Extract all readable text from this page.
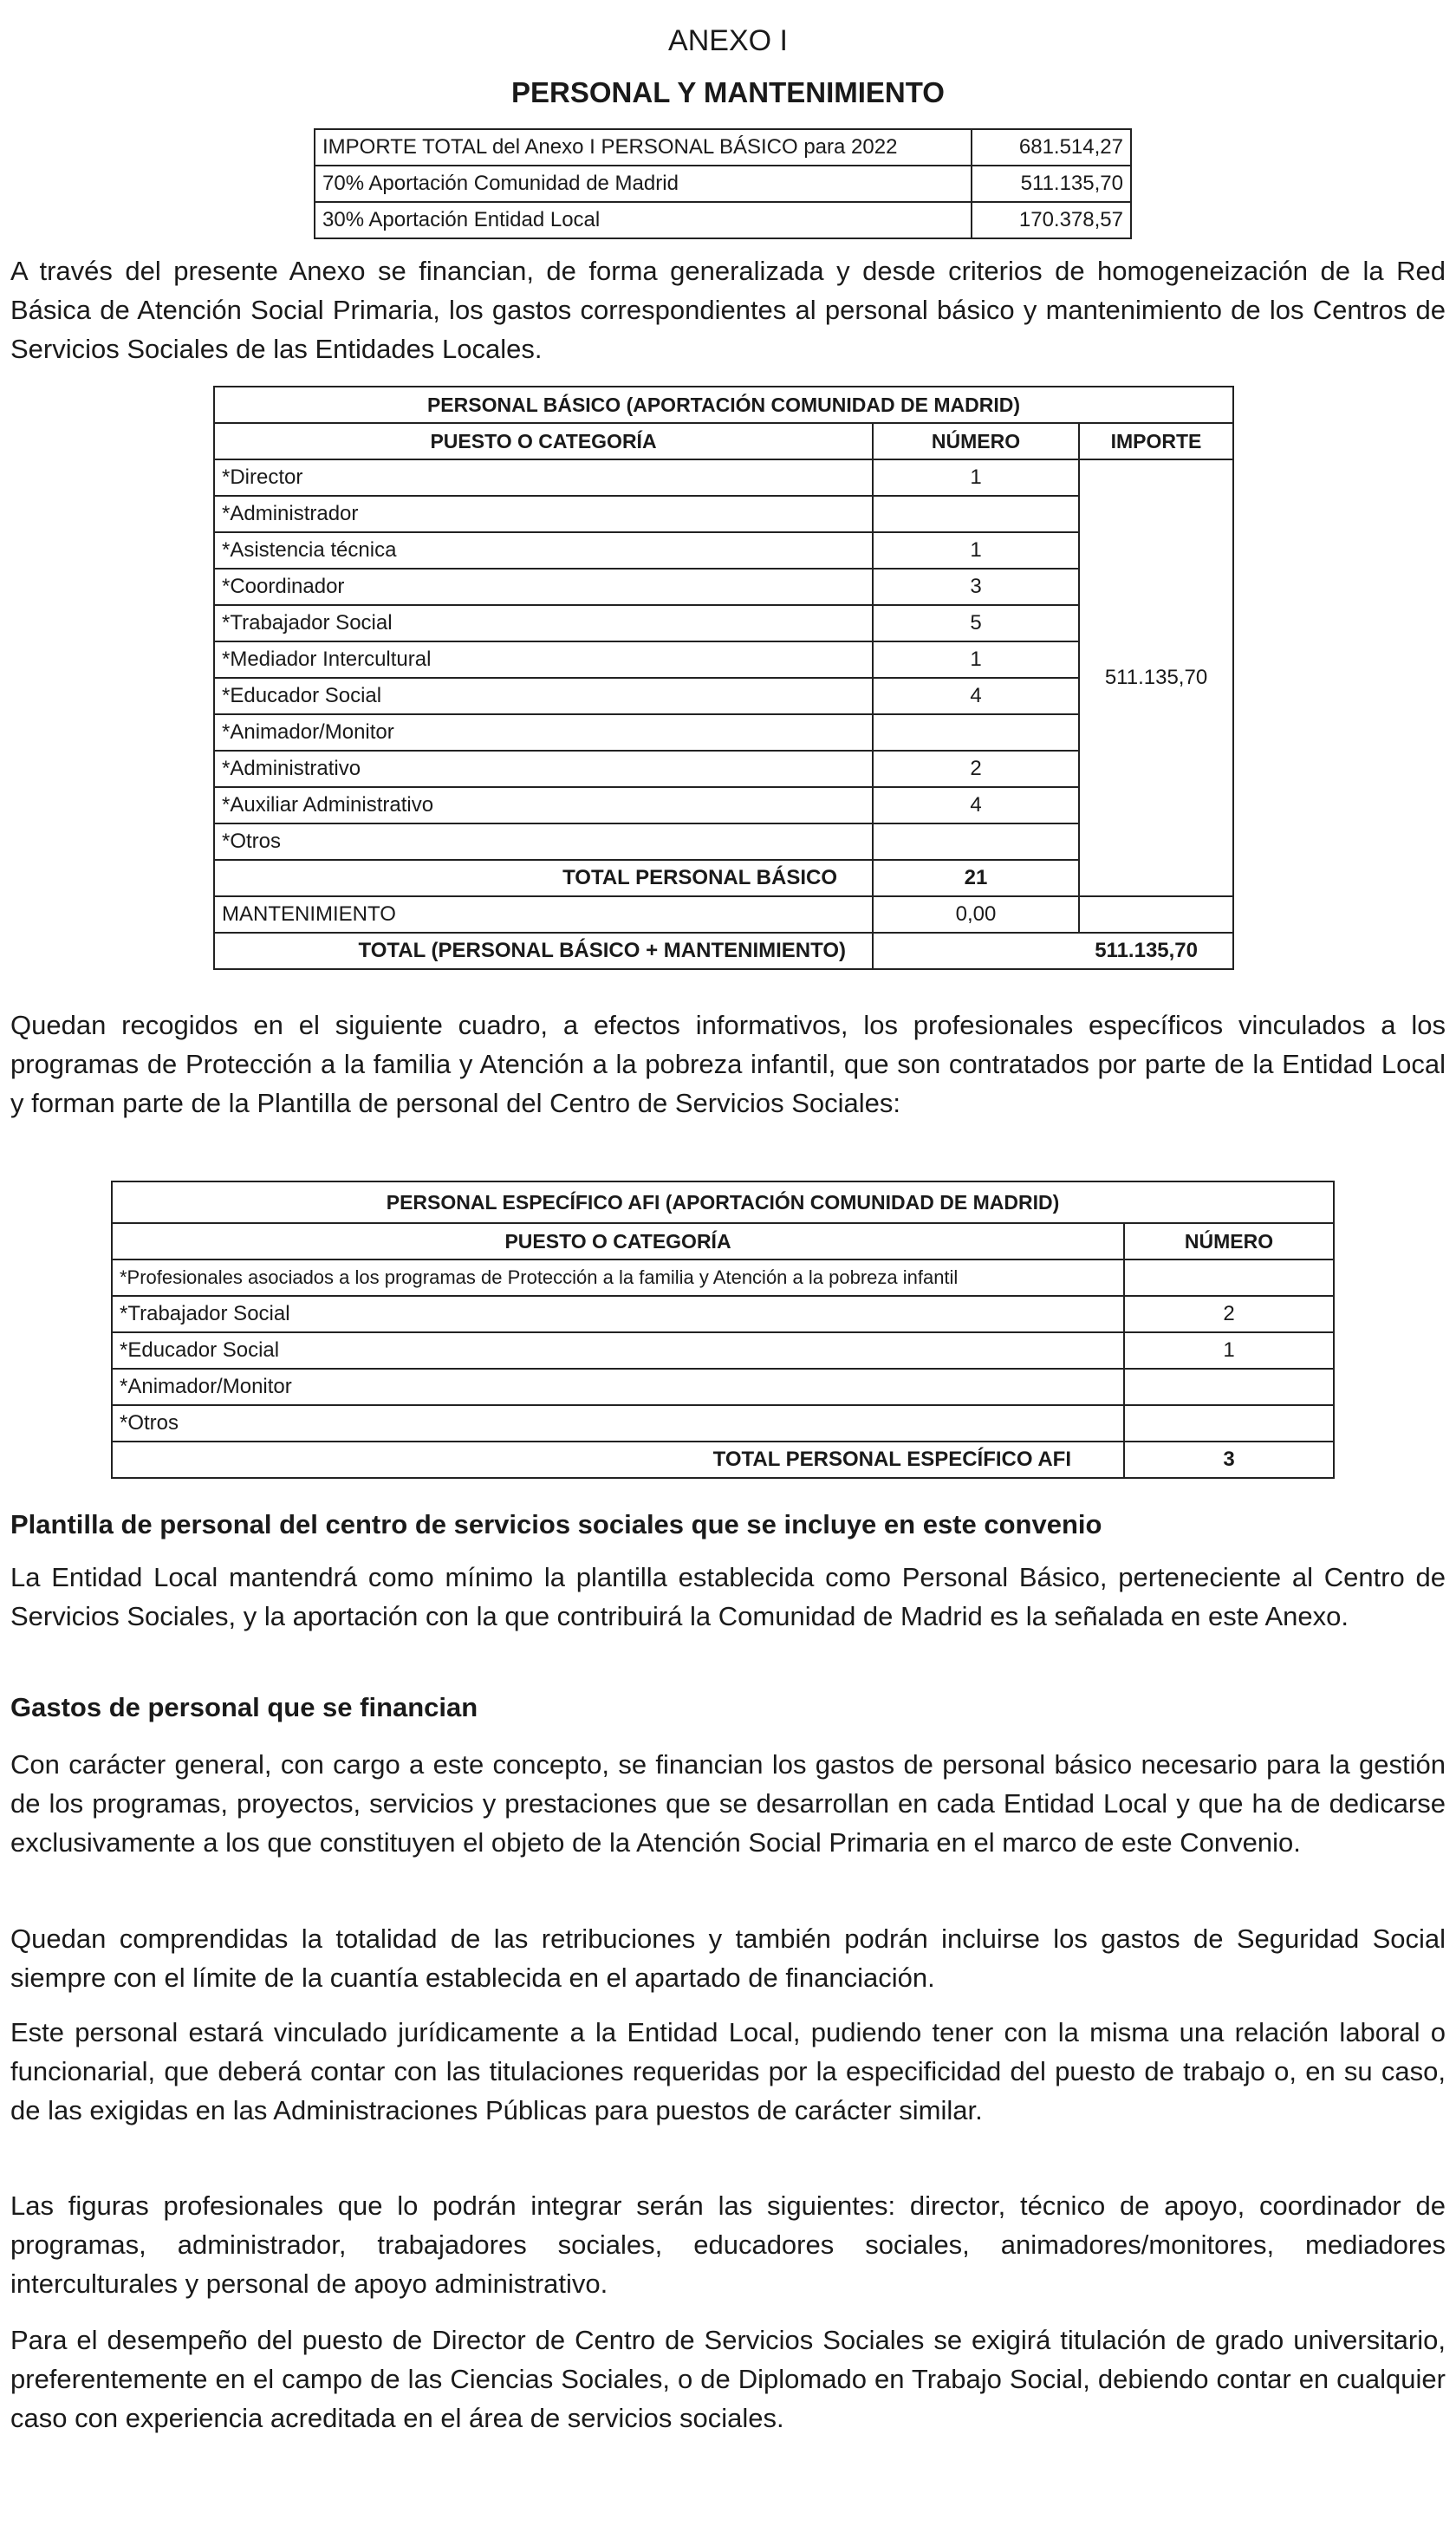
ANEXO I
PERSONAL Y MANTENIMIENTO
IMPORTE TOTAL del Anexo I PERSONAL BÁSICO para 2022	681.514,27
70% Aportación Comunidad de Madrid	511.135,70
30% Aportación Entidad Local	170.378,57

A través del presente Anexo se financian, de forma generalizada y desde criterios de homogeneización de la Red Básica de Atención Social Primaria, los gastos correspondientes al personal básico y mantenimiento de los Centros de Servicios Sociales de las Entidades Locales.

PERSONAL BÁSICO (APORTACIÓN COMUNIDAD DE MADRID)		
PUESTO O CATEGORÍA	NÚMERO	IMPORTE
*Director	1	511.135,70
*Administrador		
*Asistencia técnica	1	
*Coordinador	3	
*Trabajador Social	5	
*Mediador Intercultural	1	
*Educador Social	4	
*Animador/Monitor		
*Administrativo	2	
*Auxiliar Administrativo	4	
*Otros		
TOTAL PERSONAL BÁSICO	21	
MANTENIMIENTO	0,00	
TOTAL (PERSONAL BÁSICO + MANTENIMIENTO)	511.135,70	

Quedan recogidos en el siguiente cuadro, a efectos informativos, los profesionales específicos vinculados a los programas de Protección a la familia y Atención a la pobreza infantil, que son contratados por parte de la Entidad Local y forman parte de la Plantilla de personal del Centro de Servicios Sociales:

PERSONAL ESPECÍFICO AFI (APORTACIÓN COMUNIDAD DE MADRID)	
PUESTO O CATEGORÍA	NÚMERO
*Profesionales asociados a los programas de Protección a la familia y Atención a la pobreza infantil	
*Trabajador Social	2
*Educador Social	1
*Animador/Monitor	
*Otros	
TOTAL PERSONAL ESPECÍFICO AFI	3

Plantilla de personal del centro de servicios sociales que se incluye en este convenio

La Entidad Local mantendrá como mínimo la plantilla establecida como Personal Básico, perteneciente al Centro de Servicios Sociales, y la aportación con la que contribuirá la Comunidad de Madrid es la señalada en este Anexo.

Gastos de personal que se financian

Con carácter general, con cargo a este concepto, se financian los gastos de personal básico necesario para la gestión de los programas, proyectos, servicios y prestaciones que se desarrollan en cada Entidad Local y que ha de dedicarse exclusivamente a los que constituyen el objeto de la Atención Social Primaria en el marco de este Convenio.

Quedan comprendidas la totalidad de las retribuciones y también podrán incluirse los gastos de Seguridad Social siempre con el límite de la cuantía establecida en el apartado de financiación.

Este personal estará vinculado jurídicamente a la Entidad Local, pudiendo tener con la misma una relación laboral o funcionarial, que deberá contar con las titulaciones requeridas por la especificidad del puesto de trabajo o, en su caso, de las exigidas en las Administraciones Públicas para puestos de carácter similar.

Las figuras profesionales que lo podrán integrar serán las siguientes: director, técnico de apoyo, coordinador de programas, administrador, trabajadores sociales, educadores sociales, animadores/monitores, mediadores interculturales y personal de apoyo administrativo.

Para el desempeño del puesto de Director de Centro de Servicios Sociales se exigirá titulación de grado universitario, preferentemente en el campo de las Ciencias Sociales, o de Diplomado en Trabajo Social, debiendo contar en cualquier caso con experiencia acreditada en el área de servicios sociales.
